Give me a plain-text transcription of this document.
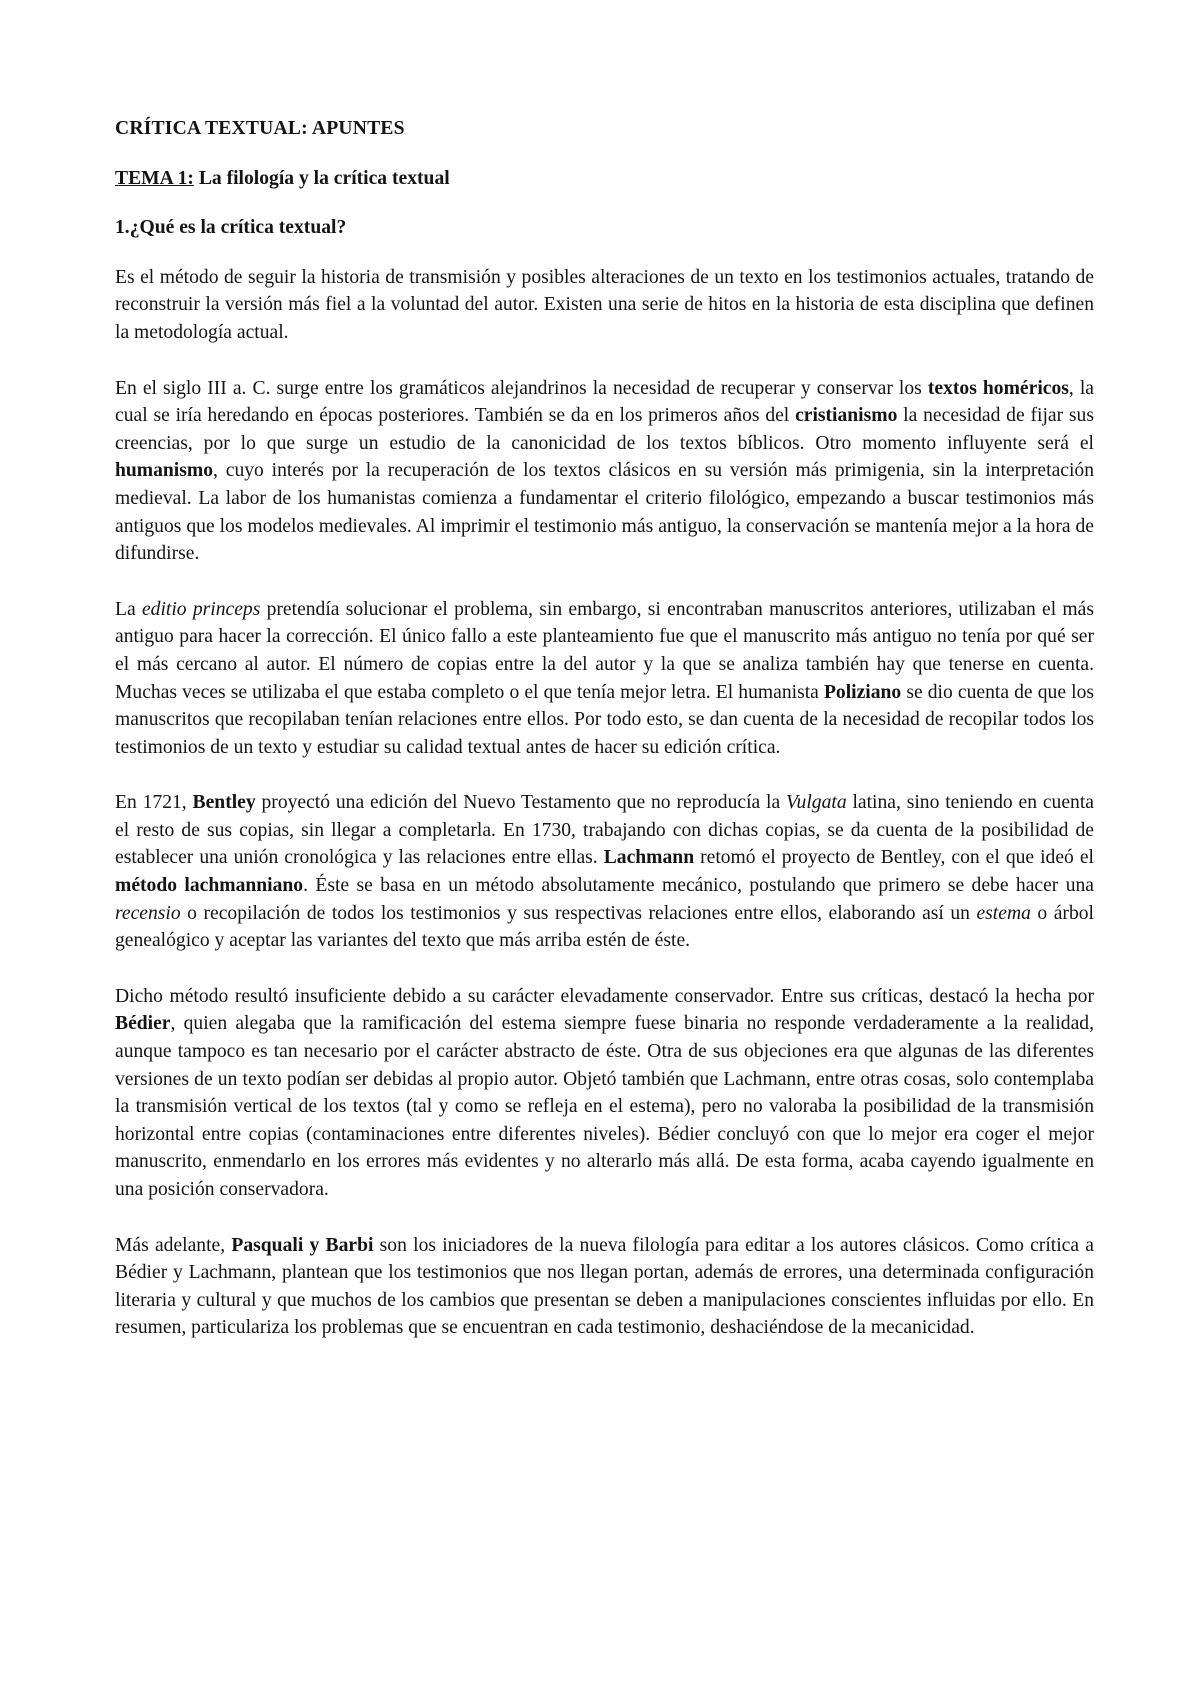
CRÍTICA TEXTUAL: APUNTES
TEMA 1: La filología y la crítica textual
1.¿Qué es la crítica textual?

Es el método de seguir la historia de transmisión y posibles alteraciones de un texto en los testimonios actuales, tratando de reconstruir la versión más fiel a la voluntad del autor. Existen una serie de hitos en la historia de esta disciplina que definen la metodología actual.

En el siglo III a. C. surge entre los gramáticos alejandrinos la necesidad de recuperar y conservar los textos homéricos, la cual se iría heredando en épocas posteriores. También se da en los primeros años del cristianismo la necesidad de fijar sus creencias, por lo que surge un estudio de la canonicidad de los textos bíblicos. Otro momento influyente será el humanismo, cuyo interés por la recuperación de los textos clásicos en su versión más primigenia, sin la interpretación medieval. La labor de los humanistas comienza a fundamentar el criterio filológico, empezando a buscar testimonios más antiguos que los modelos medievales. Al imprimir el testimonio más antiguo, la conservación se mantenía mejor a la hora de difundirse.

La editio princeps pretendía solucionar el problema, sin embargo, si encontraban manuscritos anteriores, utilizaban el más antiguo para hacer la corrección. El único fallo a este planteamiento fue que el manuscrito más antiguo no tenía por qué ser el más cercano al autor. El número de copias entre la del autor y la que se analiza también hay que tenerse en cuenta. Muchas veces se utilizaba el que estaba completo o el que tenía mejor letra. El humanista Poliziano se dio cuenta de que los manuscritos que recopilaban tenían relaciones entre ellos. Por todo esto, se dan cuenta de la necesidad de recopilar todos los testimonios de un texto y estudiar su calidad textual antes de hacer su edición crítica.

En 1721, Bentley proyectó una edición del Nuevo Testamento que no reproducía la Vulgata latina, sino teniendo en cuenta el resto de sus copias, sin llegar a completarla. En 1730, trabajando con dichas copias, se da cuenta de la posibilidad de establecer una unión cronológica y las relaciones entre ellas. Lachmann retomó el proyecto de Bentley, con el que ideó el método lachmanniano. Éste se basa en un método absolutamente mecánico, postulando que primero se debe hacer una recensio o recopilación de todos los testimonios y sus respectivas relaciones entre ellos, elaborando así un estema o árbol genealógico y aceptar las variantes del texto que más arriba estén de éste.

Dicho método resultó insuficiente debido a su carácter elevadamente conservador. Entre sus críticas, destacó la hecha por Bédier, quien alegaba que la ramificación del estema siempre fuese binaria no responde verdaderamente a la realidad, aunque tampoco es tan necesario por el carácter abstracto de éste. Otra de sus objeciones era que algunas de las diferentes versiones de un texto podían ser debidas al propio autor. Objetó también que Lachmann, entre otras cosas, solo contemplaba la transmisión vertical de los textos (tal y como se refleja en el estema), pero no valoraba la posibilidad de la transmisión horizontal entre copias (contaminaciones entre diferentes niveles). Bédier concluyó con que lo mejor era coger el mejor manuscrito, enmendarlo en los errores más evidentes y no alterarlo más allá. De esta forma, acaba cayendo igualmente en una posición conservadora.

Más adelante, Pasquali y Barbi son los iniciadores de la nueva filología para editar a los autores clásicos. Como crítica a Bédier y Lachmann, plantean que los testimonios que nos llegan portan, además de errores, una determinada configuración literaria y cultural y que muchos de los cambios que presentan se deben a manipulaciones conscientes influidas por ello. En resumen, particulariza los problemas que se encuentran en cada testimonio, deshaciéndose de la mecanicidad.
